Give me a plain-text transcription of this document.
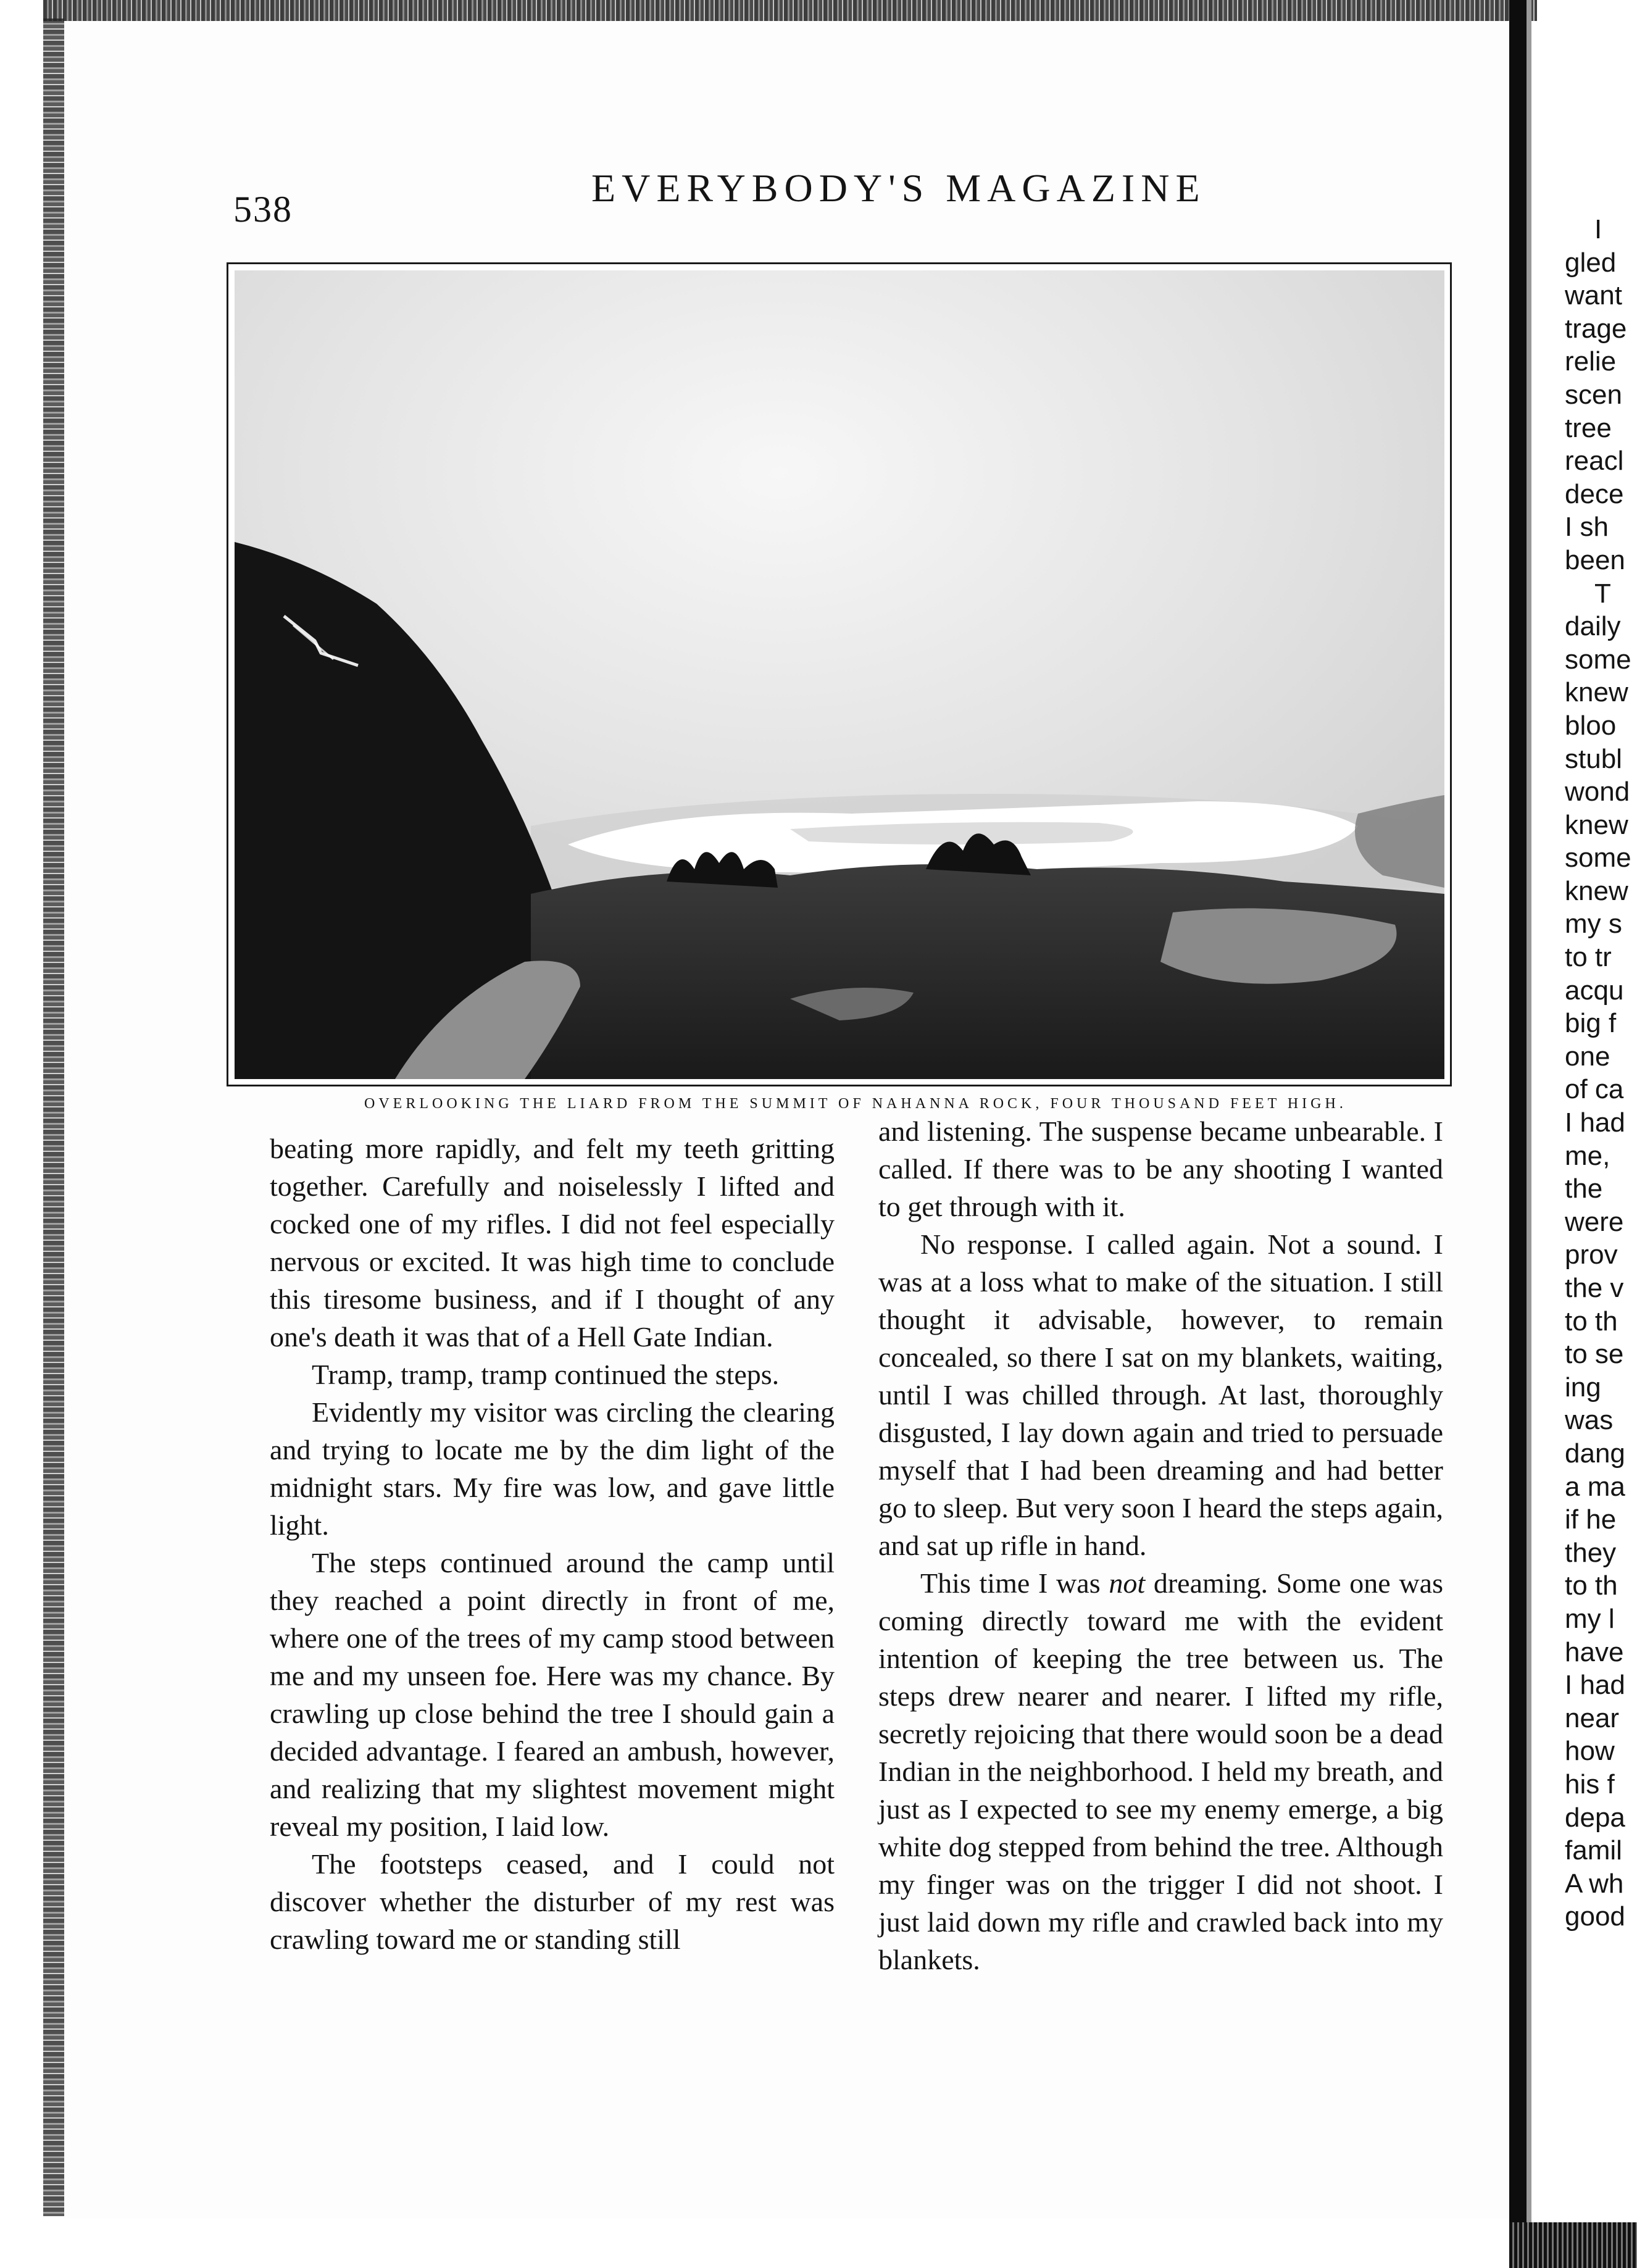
538	EVERYBODY'S MAGAZINE
OVERLOOKING THE LIARD FROM THE SUMMIT OF NAHANNA ROCK, FOUR THOUSAND FEET HIGH.

beating more rapidly, and felt my teeth gritting together. Carefully and noiselessly I lifted and cocked one of my rifles. I did not feel especially nervous or excited. It was high time to conclude this tiresome business, and if I thought of any one's death it was that of a Hell Gate Indian.

Tramp, tramp, tramp continued the steps.

Evidently my visitor was circling the clearing and trying to locate me by the dim light of the midnight stars. My fire was low, and gave little light.

The steps continued around the camp until they reached a point directly in front of me, where one of the trees of my camp stood between me and my unseen foe. Here was my chance. By crawling up close behind the tree I should gain a decided advantage. I feared an ambush, however, and realizing that my slightest movement might reveal my position, I laid low.

The footsteps ceased, and I could not discover whether the disturber of my rest was crawling toward me or standing still

and listening. The suspense became unbearable. I called. If there was to be any shooting I wanted to get through with it.

No response. I called again. Not a sound. I was at a loss what to make of the situation. I still thought it advisable, however, to remain concealed, so there I sat on my blankets, waiting, until I was chilled through. At last, thoroughly disgusted, I lay down again and tried to persuade myself that I had been dreaming and had better go to sleep. But very soon I heard the steps again, and sat up rifle in hand.

This time I was not dreaming. Some one was coming directly toward me with the evident intention of keeping the tree between us. The steps drew nearer and nearer. I lifted my rifle, secretly rejoicing that there would soon be a dead Indian in the neighborhood. I held my breath, and just as I expected to see my enemy emerge, a big white dog stepped from behind the tree. Although my finger was on the trigger I did not shoot. I just laid down my rifle and crawled back into my blankets.

I
gled
want
trage
relie
scen
tree
reacl
dece
I sh
been
T
daily
some
knew
bloo
stubl
wond
knew
some
knew
my s
to tr
acqu
big f
one
of ca
I had
me,
the
were
prov
the v
to th
to se
ing
was
dang
a ma
if he
they
to th
my l
have
I had
near
how
his f
depa
famil
A wh
good
